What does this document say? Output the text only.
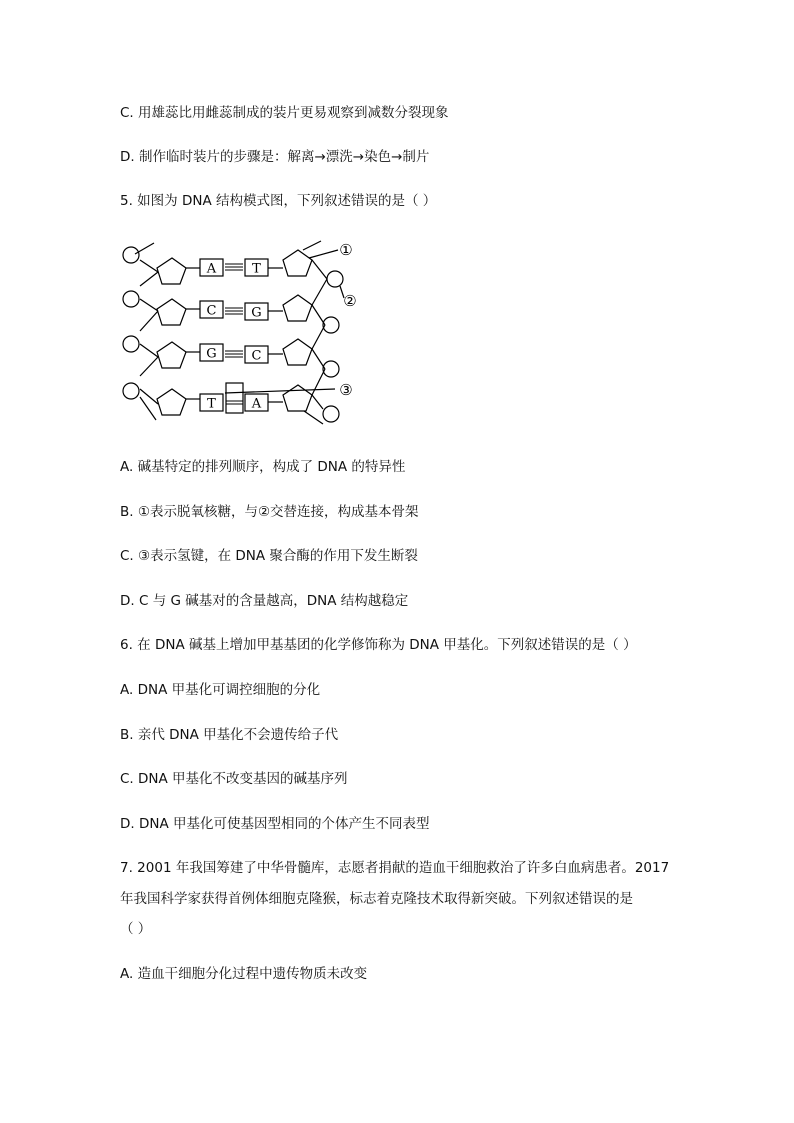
C. 用雄蕊比用雌蕊制成的装片更易观察到减数分裂现象
D. 制作临时装片的步骤是：解离→漂洗→染色→制片
5. 如图为 DNA 结构模式图，下列叙述错误的是（ ）
A
C
G
T
T
G
C
A
①
②
③
A. 碱基特定的排列顺序，构成了 DNA 的特异性
B. ①表示脱氧核糖，与②交替连接，构成基本骨架
C. ③表示氢键，在 DNA 聚合酶的作用下发生断裂
D. C 与 G 碱基对的含量越高，DNA 结构越稳定
6. 在 DNA 碱基上增加甲基基团的化学修饰称为 DNA 甲基化。下列叙述错误的是（ ）
A. DNA 甲基化可调控细胞的分化
B. 亲代 DNA 甲基化不会遗传给子代
C. DNA 甲基化不改变基因的碱基序列
D. DNA 甲基化可使基因型相同的个体产生不同表型
7. 2001 年我国筹建了中华骨髓库，志愿者捐献的造血干细胞救治了许多白血病患者。2017
年我国科学家获得首例体细胞克隆猴，标志着克隆技术取得新突破。下列叙述错误的是
（ ）
A. 造血干细胞分化过程中遗传物质未改变
